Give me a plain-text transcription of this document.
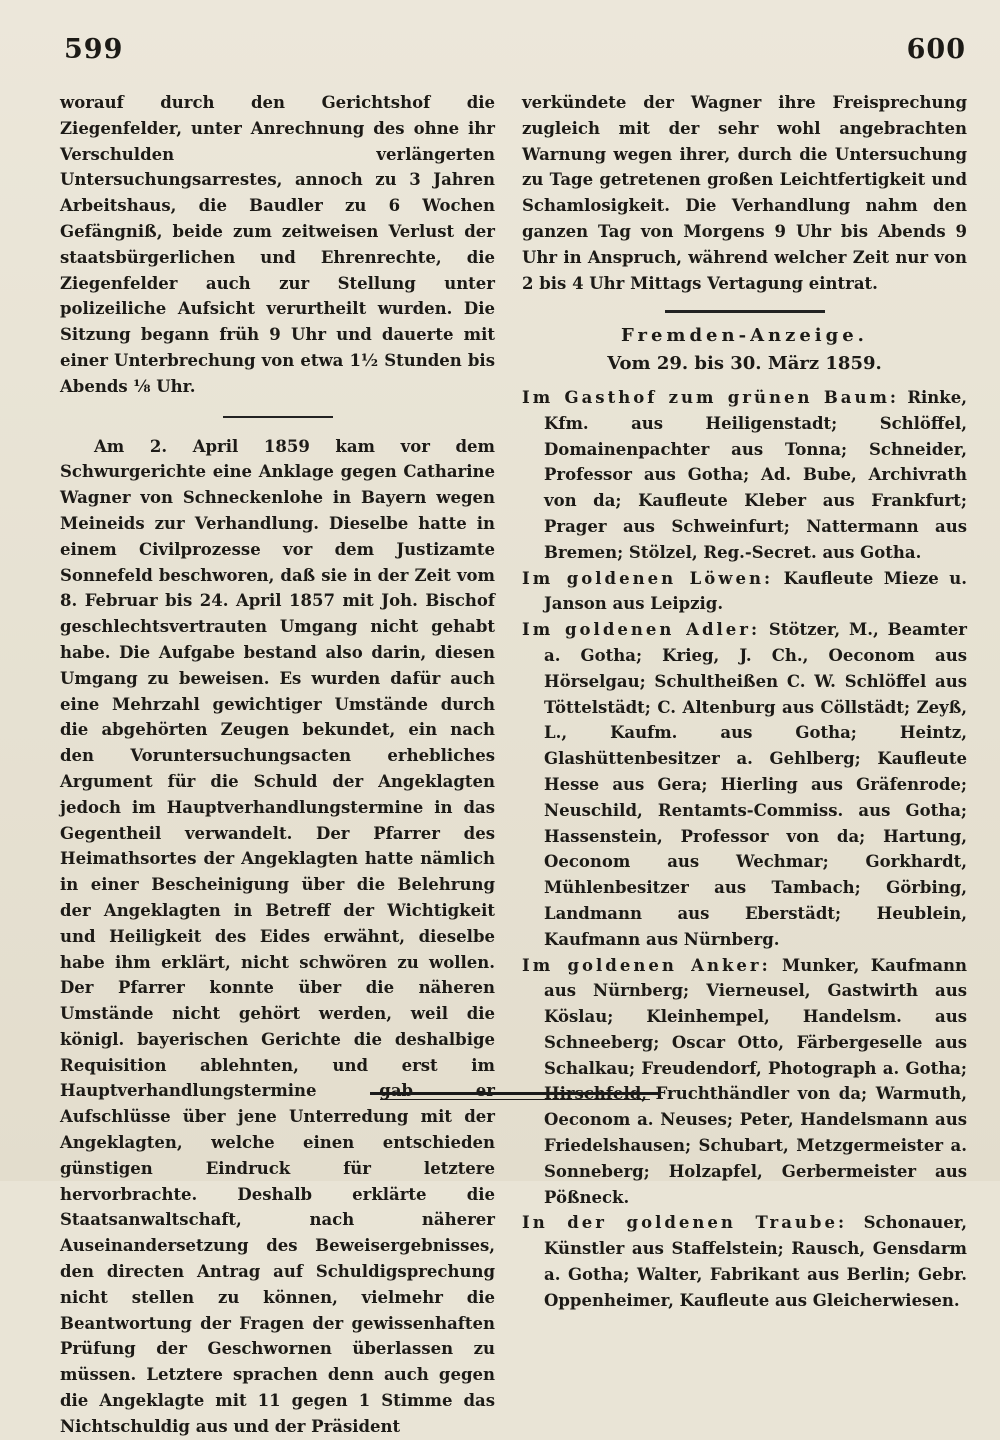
599	600

worauf durch den Gerichtshof die Ziegenfelder, unter Anrechnung des ohne ihr Verschulden verlängerten Untersuchungsarrestes, annoch zu 3 Jahren Arbeitshaus, die Baudler zu 6 Wochen Gefängniß, beide zum zeitweisen Verlust der staatsbürgerlichen und Ehrenrechte, die Ziegenfelder auch zur Stellung unter polizeiliche Aufsicht verurtheilt wurden. Die Sitzung begann früh 9 Uhr und dauerte mit einer Unterbrechung von etwa 1½ Stunden bis Abends ⅛ Uhr.

Am 2. April 1859 kam vor dem Schwurgerichte eine Anklage gegen Catharine Wagner von Schneckenlohe in Bayern wegen Meineids zur Verhandlung. Dieselbe hatte in einem Civilprozesse vor dem Justizamte Sonnefeld beschworen, daß sie in der Zeit vom 8. Februar bis 24. April 1857 mit Joh. Bischof geschlechtsvertrauten Umgang nicht gehabt habe. Die Aufgabe bestand also darin, diesen Umgang zu beweisen. Es wurden dafür auch eine Mehrzahl gewichtiger Umstände durch die abgehörten Zeugen bekundet, ein nach den Voruntersuchungsacten erhebliches Argument für die Schuld der Angeklagten jedoch im Hauptverhandlungstermine in das Gegentheil verwandelt. Der Pfarrer des Heimathsortes der Angeklagten hatte nämlich in einer Bescheinigung über die Belehrung der Angeklagten in Betreff der Wichtigkeit und Heiligkeit des Eides erwähnt, dieselbe habe ihm erklärt, nicht schwören zu wollen. Der Pfarrer konnte über die näheren Umstände nicht gehört werden, weil die königl. bayerischen Gerichte die deshalbige Requisition ablehnten, und erst im Hauptverhandlungstermine gab er Aufschlüsse über jene Unterredung mit der Angeklagten, welche einen entschieden günstigen Eindruck für letztere hervorbrachte. Deshalb erklärte die Staatsanwaltschaft, nach näherer Auseinandersetzung des Beweisergebnisses, den directen Antrag auf Schuldigsprechung nicht stellen zu können, vielmehr die Beantwortung der Fragen der gewissenhaften Prüfung der Geschwornen überlassen zu müssen. Letztere sprachen denn auch gegen die Angeklagte mit 11 gegen 1 Stimme das Nichtschuldig aus und der Präsident

verkündete der Wagner ihre Freisprechung zugleich mit der sehr wohl angebrachten Warnung wegen ihrer, durch die Untersuchung zu Tage getretenen großen Leichtfertigkeit und Schamlosigkeit. Die Verhandlung nahm den ganzen Tag von Morgens 9 Uhr bis Abends 9 Uhr in Anspruch, während welcher Zeit nur von 2 bis 4 Uhr Mittags Vertagung eintrat.

Fremden-Anzeige.
Vom 29. bis 30. März 1859.

Im Gasthof zum grünen Baum: Rinke, Kfm. aus Heiligenstadt; Schlöffel, Domainenpachter aus Tonna; Schneider, Professor aus Gotha; Ad. Bube, Archivrath von da; Kaufleute Kleber aus Frankfurt; Prager aus Schweinfurt; Nattermann aus Bremen; Stölzel, Reg.-Secret. aus Gotha.

Im goldenen Löwen: Kaufleute Mieze u. Janson aus Leipzig.

Im goldenen Adler: Stötzer, M., Beamter a. Gotha; Krieg, J. Ch., Oeconom aus Hörselgau; Schultheißen C. W. Schlöffel aus Töttelstädt; C. Altenburg aus Cöllstädt; Zeyß, L., Kaufm. aus Gotha; Heintz, Glashüttenbesitzer a. Gehlberg; Kaufleute Hesse aus Gera; Hierling aus Gräfenrode; Neuschild, Rentamts-Commiss. aus Gotha; Hassenstein, Professor von da; Hartung, Oeconom aus Wechmar; Gorkhardt, Mühlenbesitzer aus Tambach; Görbing, Landmann aus Eberstädt; Heublein, Kaufmann aus Nürnberg.

Im goldenen Anker: Munker, Kaufmann aus Nürnberg; Vierneusel, Gastwirth aus Köslau; Kleinhempel, Handelsm. aus Schneeberg; Oscar Otto, Färbergeselle aus Schalkau; Freudendorf, Photograph a. Gotha; Hirschfeld, Fruchthändler von da; Warmuth, Oeconom a. Neuses; Peter, Handelsmann aus Friedelshausen; Schubart, Metzgermeister a. Sonneberg; Holzapfel, Gerbermeister aus Pößneck.

In der goldenen Traube: Schonauer, Künstler aus Staffelstein; Rausch, Gensdarm a. Gotha; Walter, Fabrikant aus Berlin; Gebr. Oppenheimer, Kaufleute aus Gleicherwiesen.
